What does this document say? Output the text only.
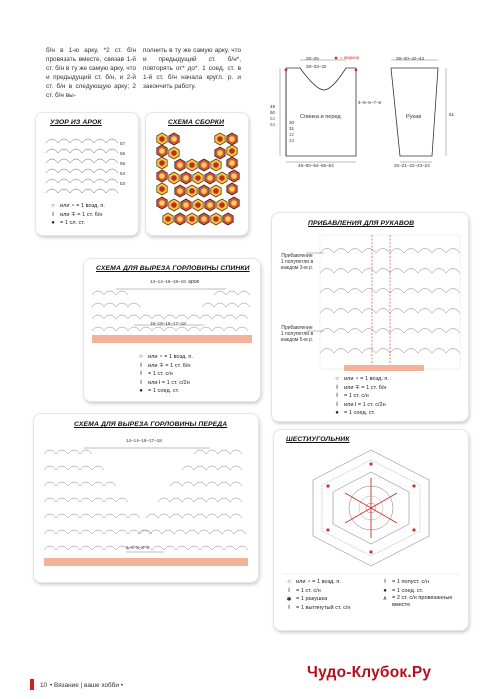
б/н в 1-ю арку, *2 ст. б/н провязать вместе, связав 1-й ст. б/н в ту же самую арку, что и предыдущий ст. б/н, и 2-й ст. б/н в следующую арку; 2 ст. б/н вы-
полнить в ту же самую арку, что и предыдущий ст. б/н*, повторять от* до*. 1 соед. ст. в 1-й ст. б/н начала кругл. р. и закончить работу.
= маркер
25–25
28–33–32
Спинка и перед	Рукав
48
50
52
54	30
31
32
33
4–5–6–7–8
46–50–54–58–64
38–40–42–44
51
20–21–22–23–24
УЗОР ИЗ АРОК
57
56
55
54
53
○ или ∘ = 1 возд. п.
ł	или ∓ = 1 ст. б/н
● = 1 сл. ст.
СХЕМА СБОРКИ
ПРИБАВЛЕНИЯ ДЛЯ РУКАВОВ
Прибавление 1 полупетли в каждом 3-м р.
Прибавление 1 полупетли в каждом 5-м р.
○ или ∘ = 1 возд. п.
ł	или ∓ = 1 ст. б/н
ł	= 1 ст. с/н
ł	или ł = 1 ст. с/2н
● = 1 соед. ст.
СХЕМА ДЛЯ ВЫРЕЗА ГОРЛОВИНЫ СПИНКИ
14–14–16–18–18 арок
16–16–16–17–18
○ или ∘ = 1 возд. п.
ł	или ∓ = 1 ст. б/н
ł	= 1 ст. с/н
ł	или ł = 1 ст. с/2н
● = 1 соед. ст.
СХЕМА ДЛЯ ВЫРЕЗА ГОРЛОВИНЫ ПЕРЕДА
14–14–16–17–18
6–6–8–8–8
ШЕСТИУГОЛЬНИК
○ или ∘ = 1 возд. п.
ł	= 1 ст. с/н
✱ = 1 ракушка
ł	= 1 вытянутый ст. с/н
ł	= 1 полуст. с/н
● = 1 соед. ст.
∧ = 2 ст. с/н провязанные вместе
10 • Вязание | ваше хобби •
Чудо-Клубок.Ру
